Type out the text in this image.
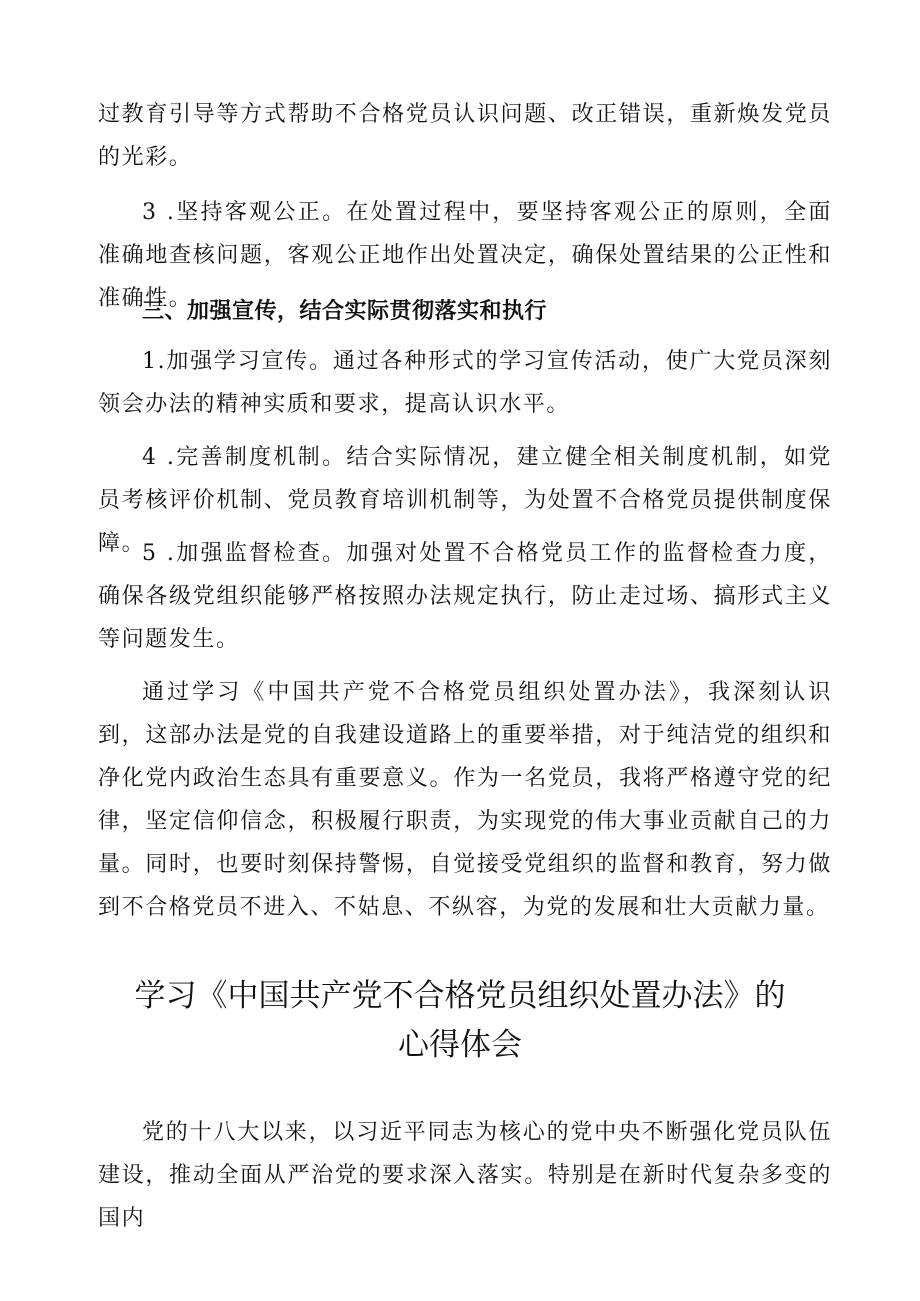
过教育引导等方式帮助不合格党员认识问题、改正错误，重新焕发党员的光彩。

3 .坚持客观公正。在处置过程中，要坚持客观公正的原则，全面准确地查核问题，客观公正地作出处置决定，确保处置结果的公正性和准确性。

三、加强宣传，结合实际贯彻落实和执行

1.加强学习宣传。通过各种形式的学习宣传活动，使广大党员深刻领会办法的精神实质和要求，提高认识水平。

4 .完善制度机制。结合实际情况，建立健全相关制度机制，如党员考核评价机制、党员教育培训机制等，为处置不合格党员提供制度保障。

5 .加强监督检查。加强对处置不合格党员工作的监督检查力度，确保各级党组织能够严格按照办法规定执行，防止走过场、搞形式主义等问题发生。

通过学习《中国共产党不合格党员组织处置办法》，我深刻认识到，这部办法是党的自我建设道路上的重要举措，对于纯洁党的组织和净化党内政治生态具有重要意义。作为一名党员，我将严格遵守党的纪律，坚定信仰信念，积极履行职责，为实现党的伟大事业贡献自己的力量。同时，也要时刻保持警惕，自觉接受党组织的监督和教育，努力做到不合格党员不进入、不姑息、不纵容，为党的发展和壮大贡献力量。

学习《中国共产党不合格党员组织处置办法》的
心得体会

党的十八大以来，以习近平同志为核心的党中央不断强化党员队伍建设，推动全面从严治党的要求深入落实。特别是在新时代复杂多变的国内
